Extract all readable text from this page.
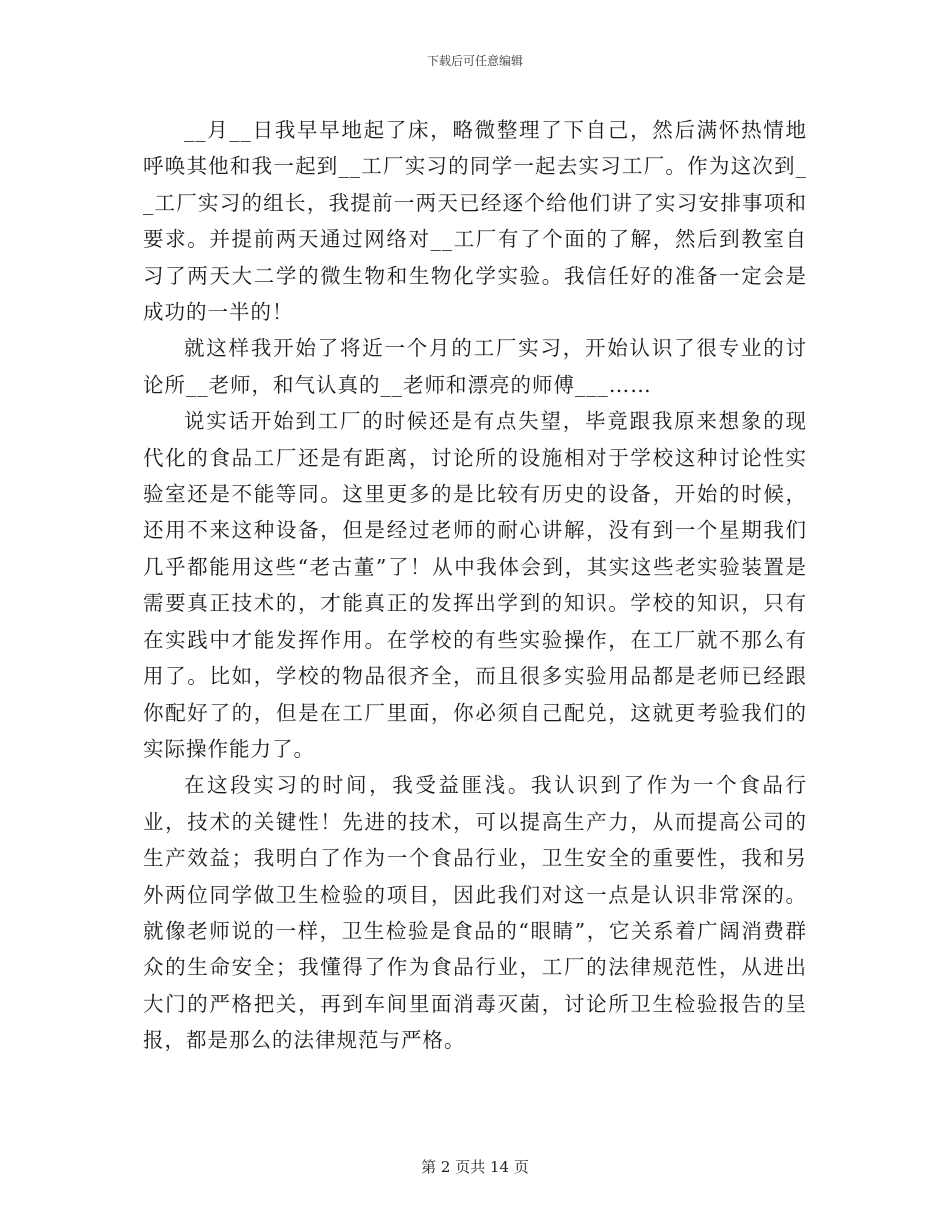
下载后可任意编辑

__月__日我早早地起了床，略微整理了下自己，然后满怀热情地呼唤其他和我一起到__工厂实习的同学一起去实习工厂。作为这次到__工厂实习的组长，我提前一两天已经逐个给他们讲了实习安排事项和要求。并提前两天通过网络对__工厂有了个面的了解，然后到教室自习了两天大二学的微生物和生物化学实验。我信任好的准备一定会是成功的一半的！

就这样我开始了将近一个月的工厂实习，开始认识了很专业的讨论所__老师，和气认真的__老师和漂亮的师傅___……

说实话开始到工厂的时候还是有点失望，毕竟跟我原来想象的现代化的食品工厂还是有距离，讨论所的设施相对于学校这种讨论性实验室还是不能等同。这里更多的是比较有历史的设备，开始的时候，还用不来这种设备，但是经过老师的耐心讲解，没有到一个星期我们几乎都能用这些“老古董”了！从中我体会到，其实这些老实验装置是需要真正技术的，才能真正的发挥出学到的知识。学校的知识，只有在实践中才能发挥作用。在学校的有些实验操作，在工厂就不那么有用了。比如，学校的物品很齐全，而且很多实验用品都是老师已经跟你配好了的，但是在工厂里面，你必须自己配兑，这就更考验我们的实际操作能力了。

在这段实习的时间，我受益匪浅。我认识到了作为一个食品行业，技术的关键性！先进的技术，可以提高生产力，从而提高公司的生产效益；我明白了作为一个食品行业，卫生安全的重要性，我和另外两位同学做卫生检验的项目，因此我们对这一点是认识非常深的。就像老师说的一样，卫生检验是食品的“眼睛”，它关系着广阔消费群众的生命安全；我懂得了作为食品行业，工厂的法律规范性，从进出大门的严格把关，再到车间里面消毒灭菌，讨论所卫生检验报告的呈报，都是那么的法律规范与严格。

第 2 页共 14 页
